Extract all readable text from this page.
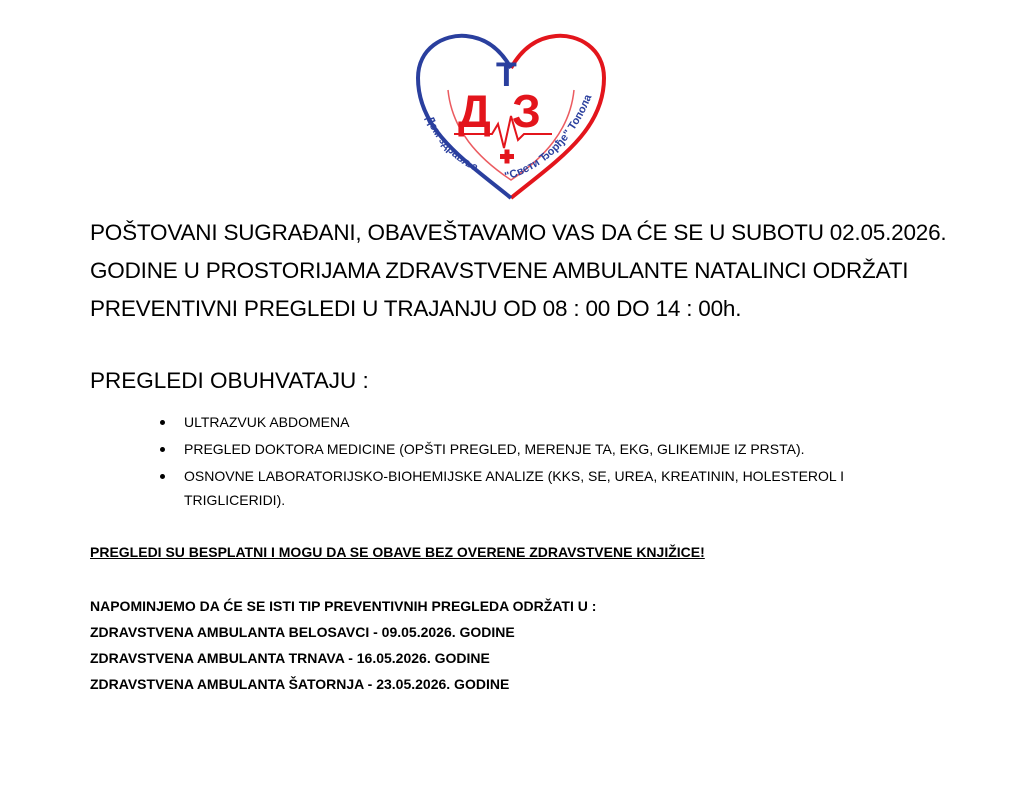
Д
Т
З
Дом здравља
"Свети Ђорђе" Топола

POŠTOVANI SUGRAĐANI, OBAVEŠTAVAMO VAS DA ĆE SE U SUBOTU 02.05.2026.

GODINE U PROSTORIJAMA ZDRAVSTVENE AMBULANTE NATALINCI ODRŽATI

PREVENTIVNI PREGLEDI U TRAJANJU OD 08 : 00 DO 14 : 00h.

PREGLEDI OBUHVATAJU :
ULTRAZVUK ABDOMENA
PREGLED DOKTORA MEDICINE (OPŠTI PREGLED, MERENJE TA, EKG, GLIKEMIJE IZ PRSTA).
OSNOVNE LABORATORIJSKO-BIOHEMIJSKE ANALIZE (KKS, SE, UREA, KREATININ, HOLESTEROL I TRIGLICERIDI).
PREGLEDI SU BESPLATNI I MOGU DA SE OBAVE BEZ OVERENE ZDRAVSTVENE KNJIŽICE!
NAPOMINJEMO DA ĆE SE ISTI TIP PREVENTIVNIH PREGLEDA ODRŽATI U :
ZDRAVSTVENA AMBULANTA BELOSAVCI - 09.05.2026. GODINE
ZDRAVSTVENA AMBULANTA TRNAVA - 16.05.2026. GODINE
ZDRAVSTVENA AMBULANTA ŠATORNJA - 23.05.2026. GODINE
